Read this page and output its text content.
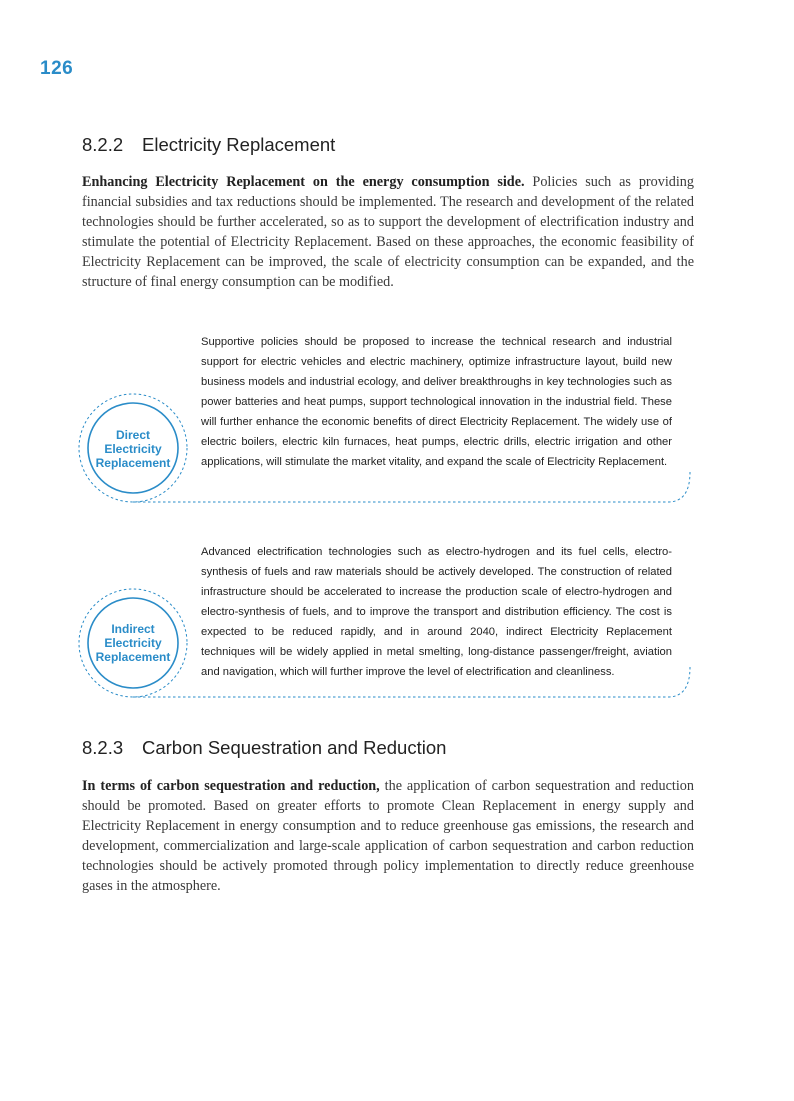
126
8.2.2 Electricity Replacement
Enhancing Electricity Replacement on the energy consumption side. Policies such as providing financial subsidies and tax reductions should be implemented. The research and development of the related technologies should be further accelerated, so as to support the development of electrification industry and stimulate the potential of Electricity Replacement. Based on these approaches, the economic feasibility of Electricity Replacement can be improved, the scale of electricity consumption can be expanded, and the structure of final energy consumption can be modified.
Direct
Electricity
Replacement
Supportive policies should be proposed to increase the technical research and industrial support for electric vehicles and electric machinery, optimize infrastructure layout, build new business models and industrial ecology, and deliver breakthroughs in key technologies such as power batteries and heat pumps, support technological innovation in the industrial field. These will further enhance the economic benefits of direct Electricity Replacement. The widely use of electric boilers, electric kiln furnaces, heat pumps, electric drills, electric irrigation and other applications, will stimulate the market vitality, and expand the scale of Electricity Replacement.
Indirect
Electricity
Replacement
Advanced electrification technologies such as electro-hydrogen and its fuel cells, electro-synthesis of fuels and raw materials should be actively developed. The construction of related infrastructure should be accelerated to increase the production scale of electro-hydrogen and electro-synthesis of fuels, and to improve the transport and distribution efficiency. The cost is expected to be reduced rapidly, and in around 2040, indirect Electricity Replacement techniques will be widely applied in metal smelting, long-distance passenger/freight, aviation and navigation, which will further improve the level of electrification and cleanliness.
8.2.3 Carbon Sequestration and Reduction
In terms of carbon sequestration and reduction, the application of carbon sequestration and reduction should be promoted. Based on greater efforts to promote Clean Replacement in energy supply and Electricity Replacement in energy consumption and to reduce greenhouse gas emissions, the research and development, commercialization and large-scale application of carbon sequestration and carbon reduction technologies should be actively promoted through policy implementation to directly reduce greenhouse gases in the atmosphere.
